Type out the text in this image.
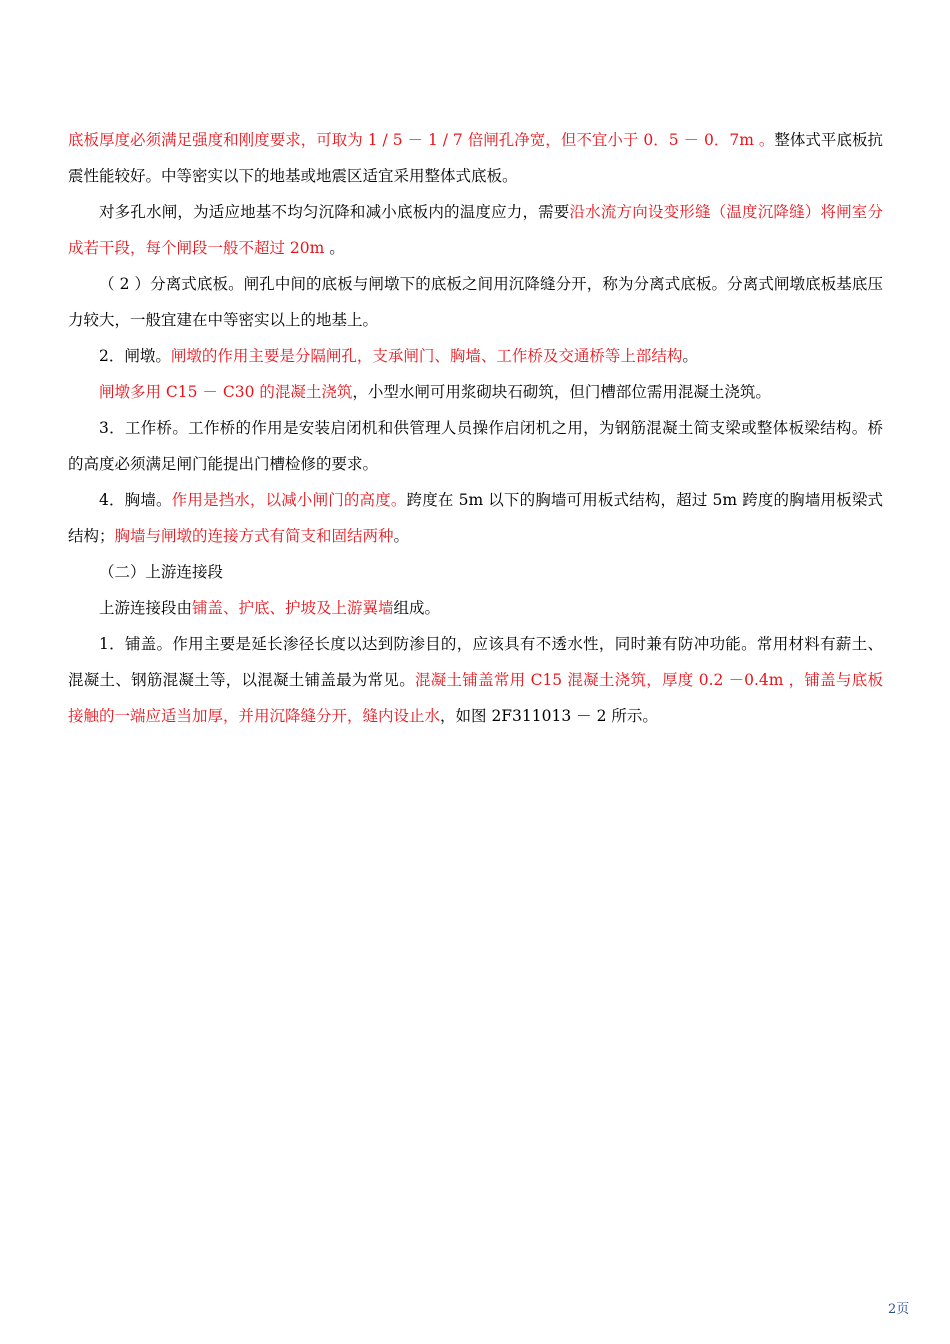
底板厚度必须满足强度和刚度要求，可取为 1 / 5 － 1 / 7 倍闸孔净宽，但不宜小于 0．5 － 0．7m 。整体式平底板抗震性能较好。中等密实以下的地基或地震区适宜采用整体式底板。

对多孔水闸，为适应地基不均匀沉降和减小底板内的温度应力，需要沿水流方向设变形缝（温度沉降缝）将闸室分成若干段，每个闸段一般不超过 20m 。

（ 2 ）分离式底板。闸孔中间的底板与闸墩下的底板之间用沉降缝分开，称为分离式底板。分离式闸墩底板基底压力较大，一般宜建在中等密实以上的地基上。

2．闸墩。闸墩的作用主要是分隔闸孔，支承闸门、胸墙、工作桥及交通桥等上部结构。

闸墩多用 C15 － C30 的混凝土浇筑，小型水闸可用浆砌块石砌筑，但门槽部位需用混凝土浇筑。

3．工作桥。工作桥的作用是安装启闭机和供管理人员操作启闭机之用，为钢筋混凝土简支梁或整体板梁结构。桥的高度必须满足闸门能提出门槽检修的要求。

4．胸墙。作用是挡水，以减小闸门的高度。跨度在 5m 以下的胸墙可用板式结构，超过 5m 跨度的胸墙用板梁式结构；胸墙与闸墩的连接方式有简支和固结两种。

（二）上游连接段

上游连接段由铺盖、护底、护坡及上游翼墙组成。

1．铺盖。作用主要是延长渗径长度以达到防渗目的，应该具有不透水性，同时兼有防冲功能。常用材料有薪土、混凝土、钢筋混凝土等，以混凝土铺盖最为常见。混凝土铺盖常用 C15 混凝土浇筑，厚度 0.2 －0.4m ，铺盖与底板接触的一端应适当加厚，并用沉降缝分开，缝内设止水，如图 2F311013 － 2 所示。

2页
